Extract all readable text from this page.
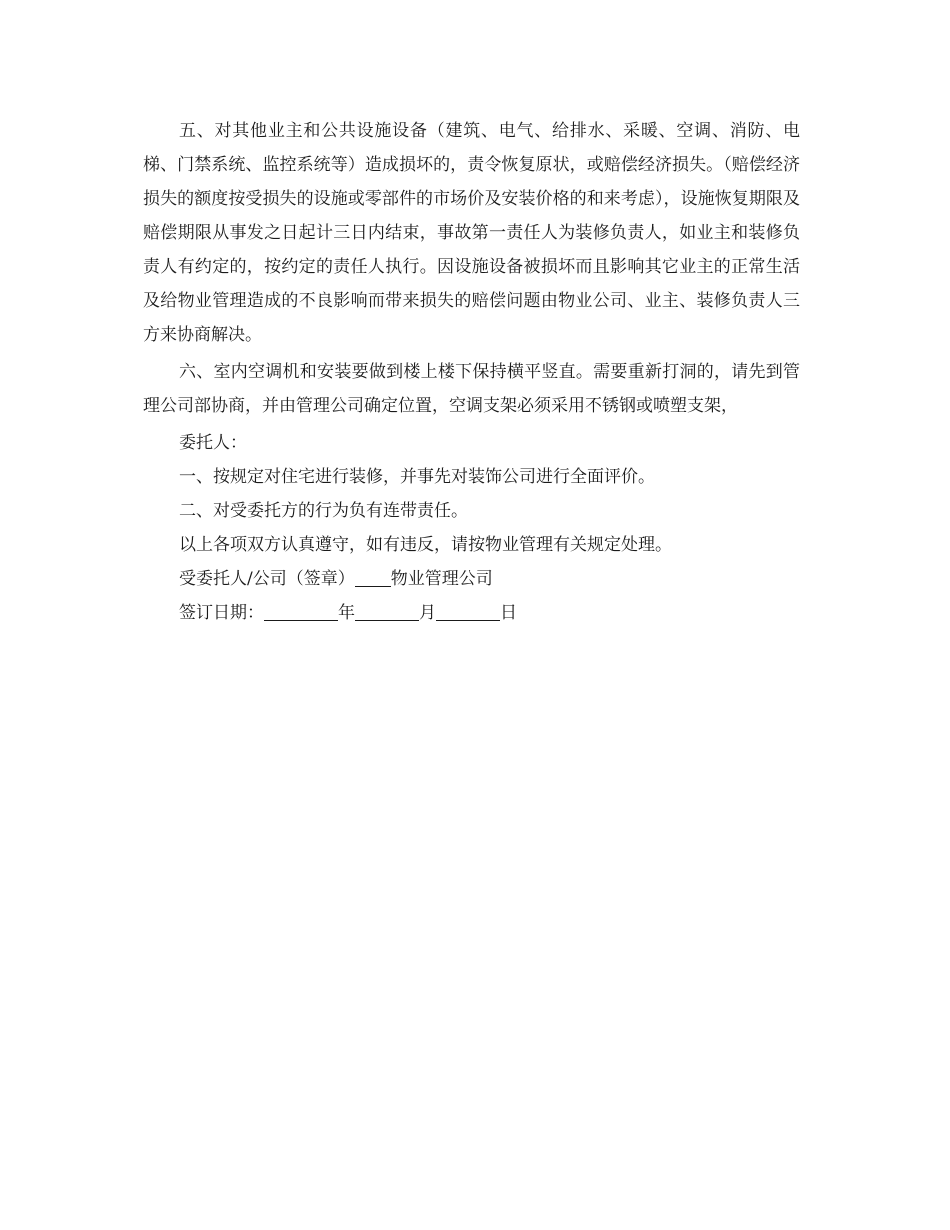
五、对其他业主和公共设施设备（建筑、电气、给排水、采暖、空调、消防、电梯、门禁系统、监控系统等）造成损坏的，责令恢复原状，或赔偿经济损失。（赔偿经济损失的额度按受损失的设施或零部件的市场价及安装价格的和来考虑），设施恢复期限及赔偿期限从事发之日起计三日内结束，事故第一责任人为装修负责人，如业主和装修负责人有约定的，按约定的责任人执行。因设施设备被损坏而且影响其它业主的正常生活及给物业管理造成的不良影响而带来损失的赔偿问题由物业公司、业主、装修负责人三方来协商解决。

六、室内空调机和安装要做到楼上楼下保持横平竖直。需要重新打洞的，请先到管理公司部协商，并由管理公司确定位置，空调支架必须采用不锈钢或喷塑支架，

委托人：

一、按规定对住宅进行装修，并事先对装饰公司进行全面评价。

二、对受委托方的行为负有连带责任。

以上各项双方认真遵守，如有违反，请按物业管理有关规定处理。

受委托人/公司（签章） 物业管理公司

签订日期：	年	月	日
